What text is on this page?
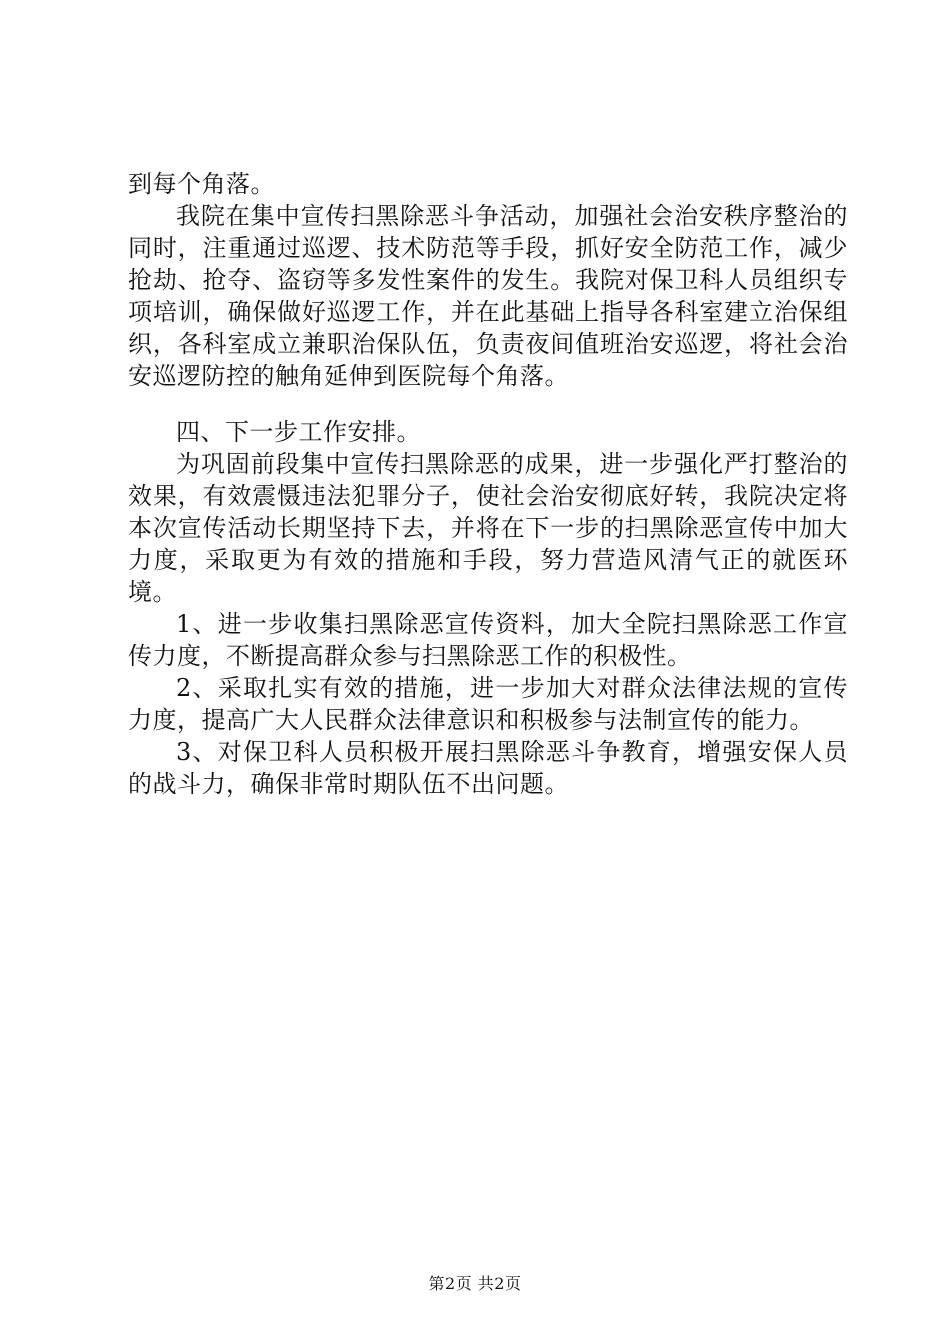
到每个角落。

我院在集中宣传扫黑除恶斗争活动，加强社会治安秩序整治的同时，注重通过巡逻、技术防范等手段，抓好安全防范工作，减少抢劫、抢夺、盗窃等多发性案件的发生。我院对保卫科人员组织专项培训，确保做好巡逻工作，并在此基础上指导各科室建立治保组织，各科室成立兼职治保队伍，负责夜间值班治安巡逻，将社会治安巡逻防控的触角延伸到医院每个角落。

四、下一步工作安排。

为巩固前段集中宣传扫黑除恶的成果，进一步强化严打整治的效果，有效震慑违法犯罪分子，使社会治安彻底好转，我院决定将本次宣传活动长期坚持下去，并将在下一步的扫黑除恶宣传中加大力度，采取更为有效的措施和手段，努力营造风清气正的就医环境。

1、进一步收集扫黑除恶宣传资料，加大全院扫黑除恶工作宣传力度，不断提高群众参与扫黑除恶工作的积极性。

2、采取扎实有效的措施，进一步加大对群众法律法规的宣传力度，提高广大人民群众法律意识和积极参与法制宣传的能力。

3、对保卫科人员积极开展扫黑除恶斗争教育，增强安保人员的战斗力，确保非常时期队伍不出问题。

第2页 共2页
